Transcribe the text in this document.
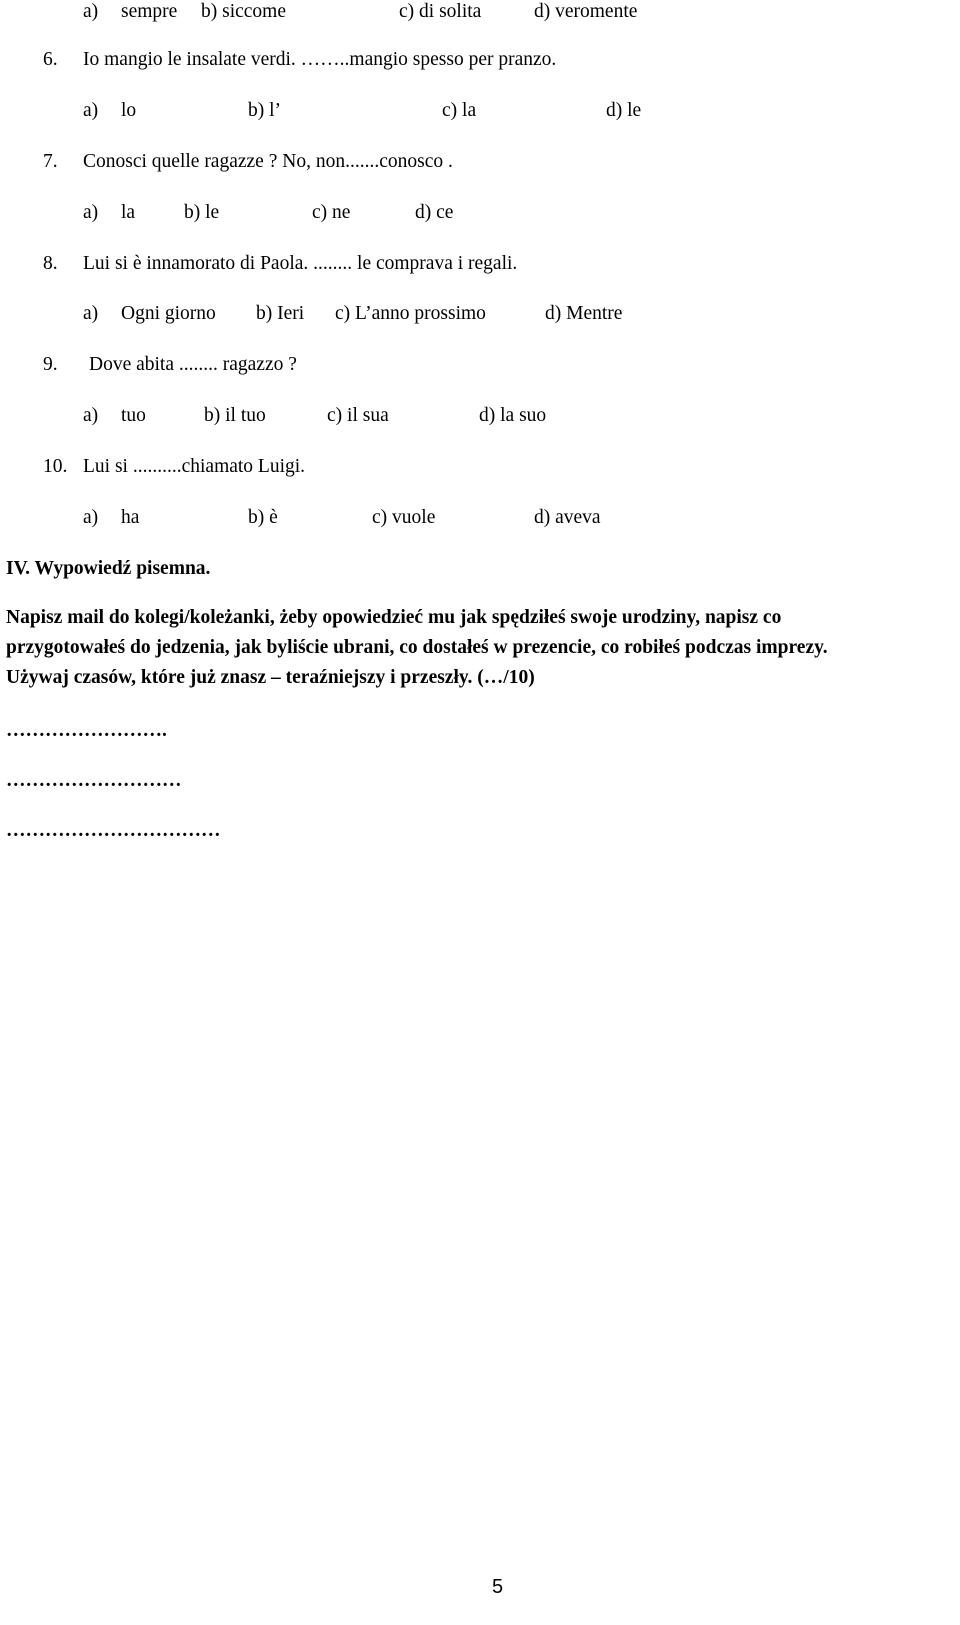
a) sempre b) siccome	c) di solita	d) veromente
6. Io mangio le insalate verdi. ……..mangio spesso per pranzo.
a) lo	b) l’	c) la	d) le
7. Conosci quelle ragazze ? No, non.......conosco .
a) la	b) le	c) ne	d) ce
8. Lui si è innamorato di Paola. ........ le comprava i regali.
a) Ogni giorno b) Ieri c) L’anno prossimo	d) Mentre
9. Dove abita ........ ragazzo ?
a) tuo	b) il tuo	c) il sua	d) la suo
10. Lui si ..........chiamato Luigi.
a) ha	b) è	c) vuole	d) aveva
IV. Wypowiedź pisemna.
Napisz mail do kolegi/koleżanki, żeby opowiedzieć mu jak spędziłeś swoje urodziny, napisz co
przygotowałeś do jedzenia, jak byliście ubrani, co dostałeś w prezencie, co robiłeś podczas imprezy.
Używaj czasów, które już znasz – teraźniejszy i przeszły. (…/10)
…………………….
………………………
……………………………
5
